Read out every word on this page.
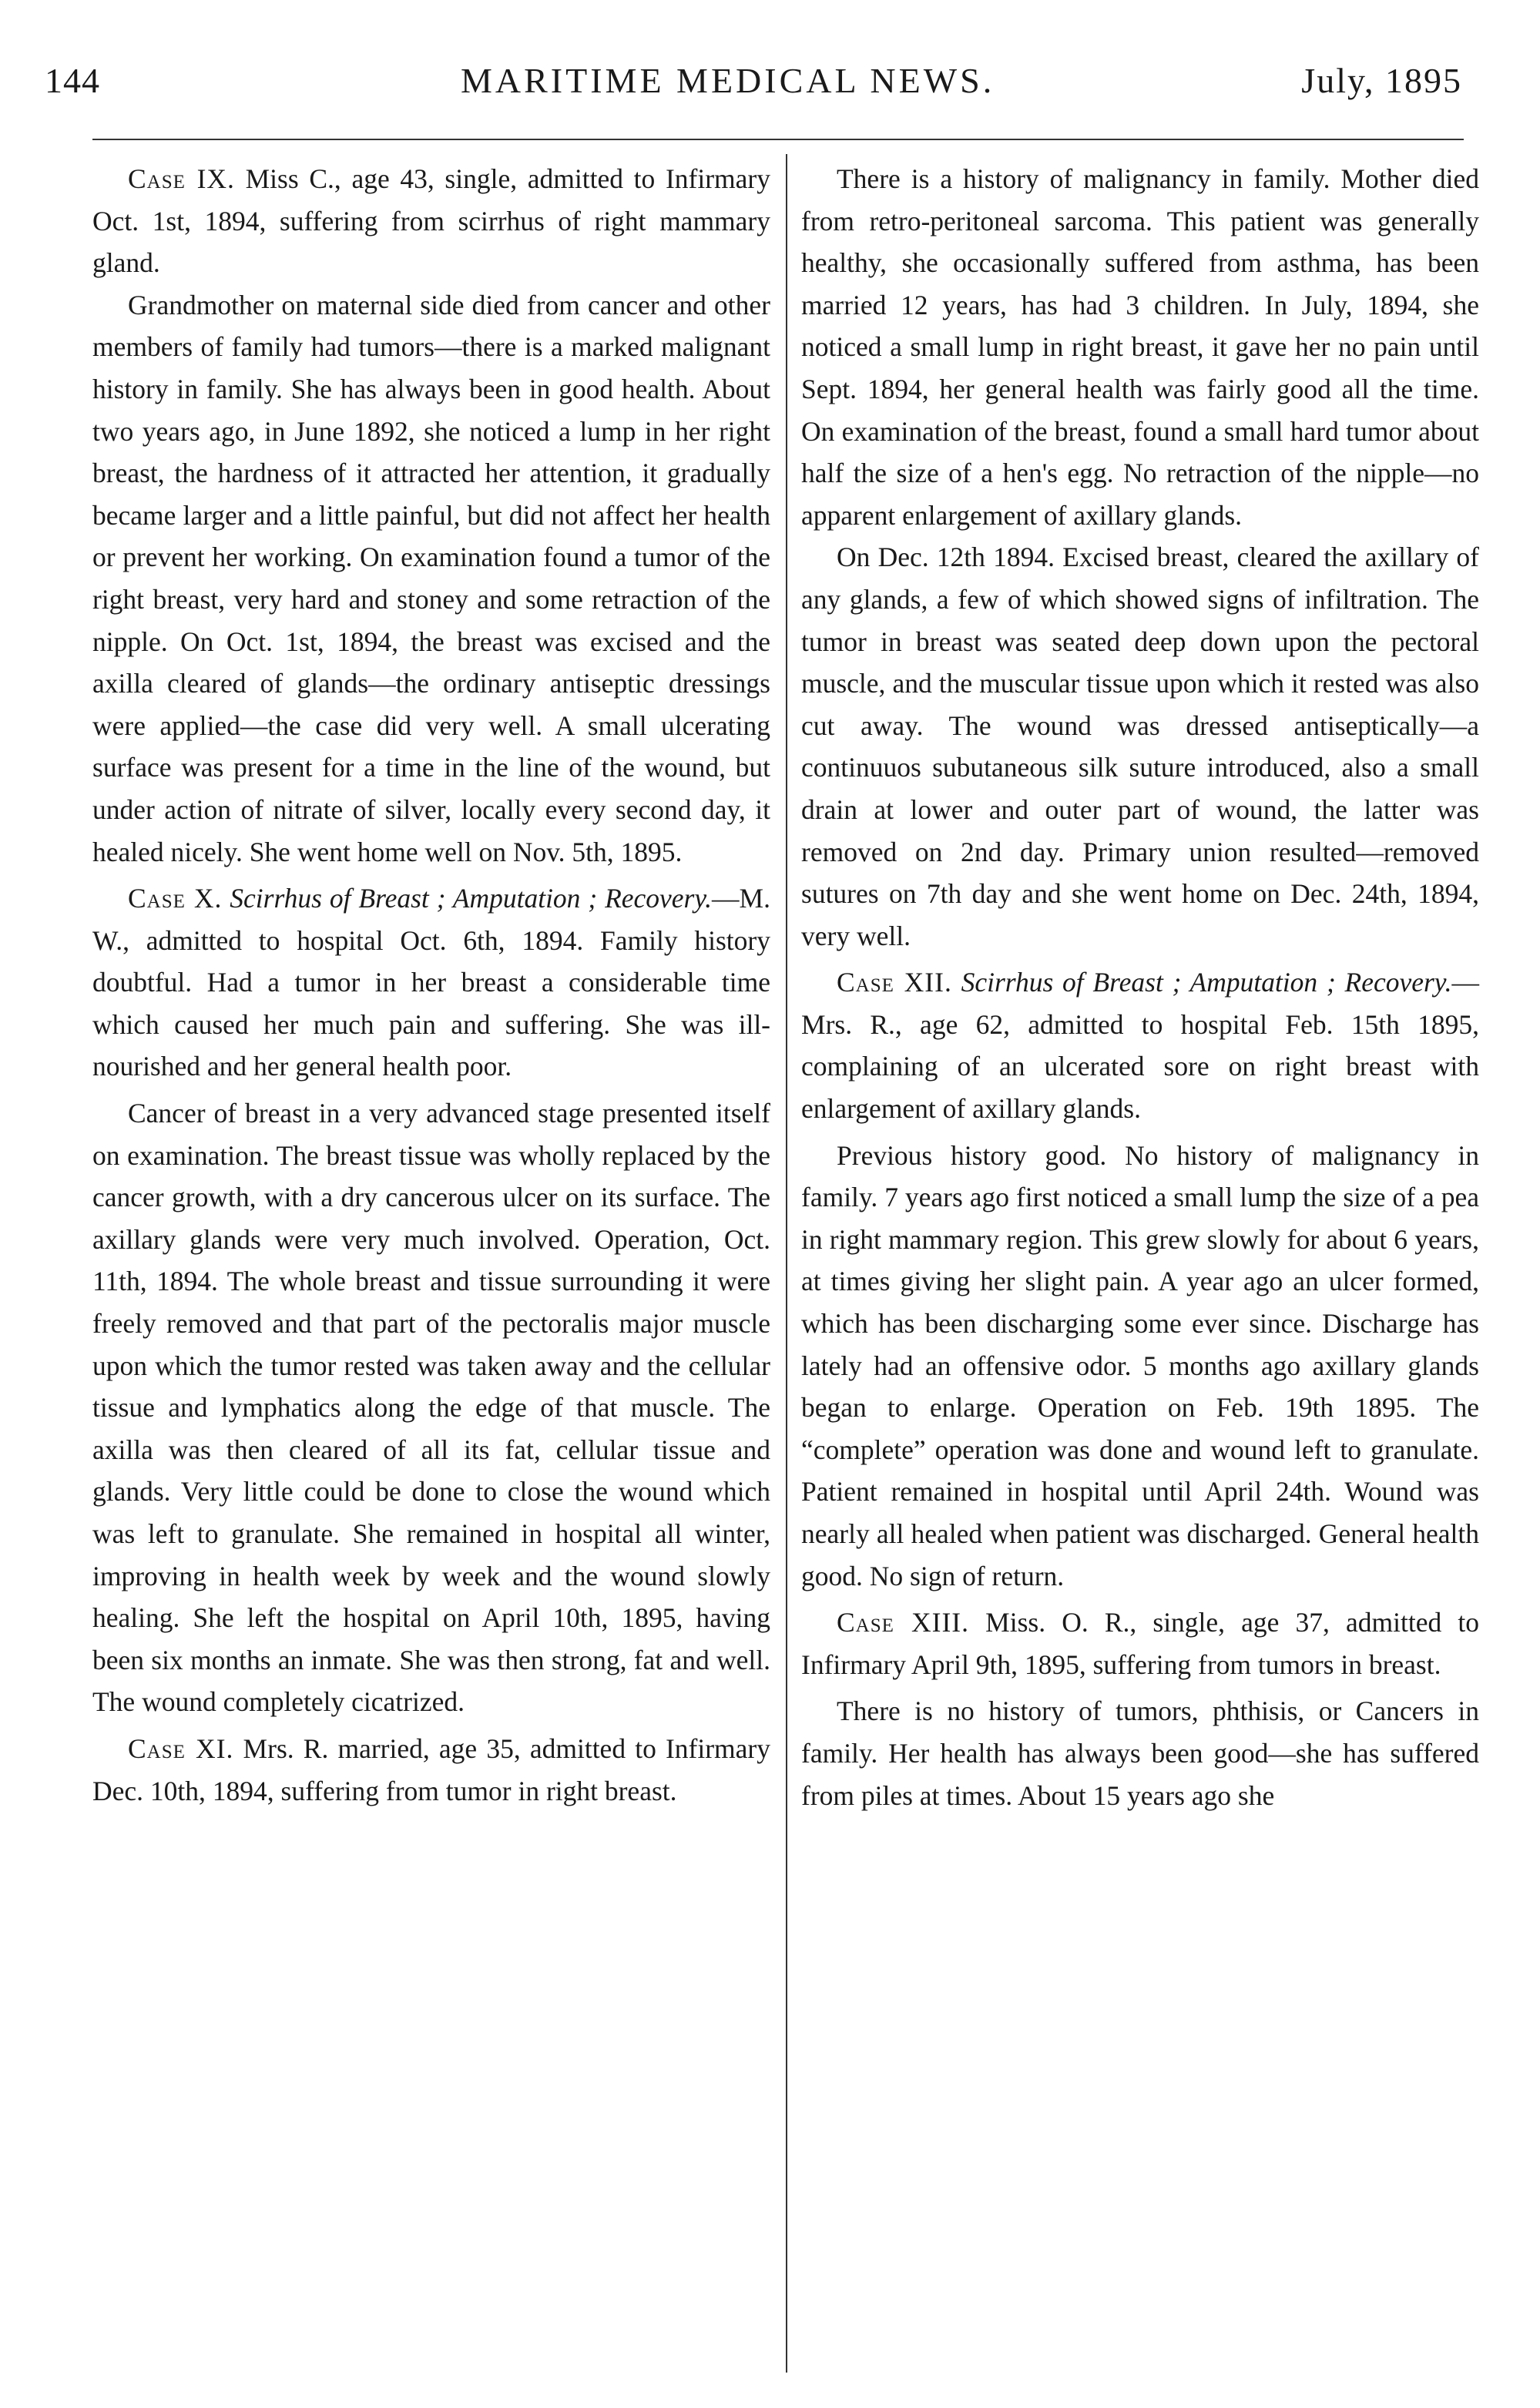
144	MARITIME MEDICAL NEWS.	July, 1895

Case IX. Miss C., age 43, single, admitted to Infirmary Oct. 1st, 1894, suffering from scirrhus of right mammary gland.

Grandmother on maternal side died from cancer and other members of family had tumors—there is a marked malignant history in family. She has always been in good health. About two years ago, in June 1892, she noticed a lump in her right breast, the hardness of it attracted her attention, it gradually became larger and a little painful, but did not affect her health or prevent her working. On examination found a tumor of the right breast, very hard and stoney and some retraction of the nipple. On Oct. 1st, 1894, the breast was excised and the axilla cleared of glands—the ordinary antiseptic dressings were applied—the case did very well. A small ulcerating surface was present for a time in the line of the wound, but under action of nitrate of silver, locally every second day, it healed nicely. She went home well on Nov. 5th, 1895.

Case X. Scirrhus of Breast ; Amputation ; Recovery.—M. W., admitted to hospital Oct. 6th, 1894. Family history doubtful. Had a tumor in her breast a considerable time which caused her much pain and suffering. She was ill-nourished and her general health poor.

Cancer of breast in a very advanced stage presented itself on examination. The breast tissue was wholly replaced by the cancer growth, with a dry cancerous ulcer on its surface. The axillary glands were very much involved. Operation, Oct. 11th, 1894. The whole breast and tissue surrounding it were freely removed and that part of the pectoralis major muscle upon which the tumor rested was taken away and the cellular tissue and lymphatics along the edge of that muscle. The axilla was then cleared of all its fat, cellular tissue and glands. Very little could be done to close the wound which was left to granulate. She remained in hospital all winter, improving in health week by week and the wound slowly healing. She left the hospital on April 10th, 1895, having been six months an inmate. She was then strong, fat and well. The wound completely cicatrized.

Case XI. Mrs. R. married, age 35, admitted to Infirmary Dec. 10th, 1894, suffering from tumor in right breast.

There is a history of malignancy in family. Mother died from retro-peritoneal sarcoma. This patient was generally healthy, she occasionally suffered from asthma, has been married 12 years, has had 3 children. In July, 1894, she noticed a small lump in right breast, it gave her no pain until Sept. 1894, her general health was fairly good all the time. On examination of the breast, found a small hard tumor about half the size of a hen's egg. No retraction of the nipple—no apparent enlargement of axillary glands.

On Dec. 12th 1894. Excised breast, cleared the axillary of any glands, a few of which showed signs of infiltration. The tumor in breast was seated deep down upon the pectoral muscle, and the muscular tissue upon which it rested was also cut away. The wound was dressed antiseptically—a continuuos subutaneous silk suture introduced, also a small drain at lower and outer part of wound, the latter was removed on 2nd day. Primary union resulted—removed sutures on 7th day and she went home on Dec. 24th, 1894, very well.

Case XII. Scirrhus of Breast ; Amputation ; Recovery.—Mrs. R., age 62, admitted to hospital Feb. 15th 1895, complaining of an ulcerated sore on right breast with enlargement of axillary glands.

Previous history good. No history of malignancy in family. 7 years ago first noticed a small lump the size of a pea in right mammary region. This grew slowly for about 6 years, at times giving her slight pain. A year ago an ulcer formed, which has been discharging some ever since. Discharge has lately had an offensive odor. 5 months ago axillary glands began to enlarge. Operation on Feb. 19th 1895. The “complete” operation was done and wound left to granulate. Patient remained in hospital until April 24th. Wound was nearly all healed when patient was discharged. General health good. No sign of return.

Case XIII. Miss. O. R., single, age 37, admitted to Infirmary April 9th, 1895, suffering from tumors in breast.

There is no history of tumors, phthisis, or Cancers in family. Her health has always been good—she has suffered from piles at times. About 15 years ago she
